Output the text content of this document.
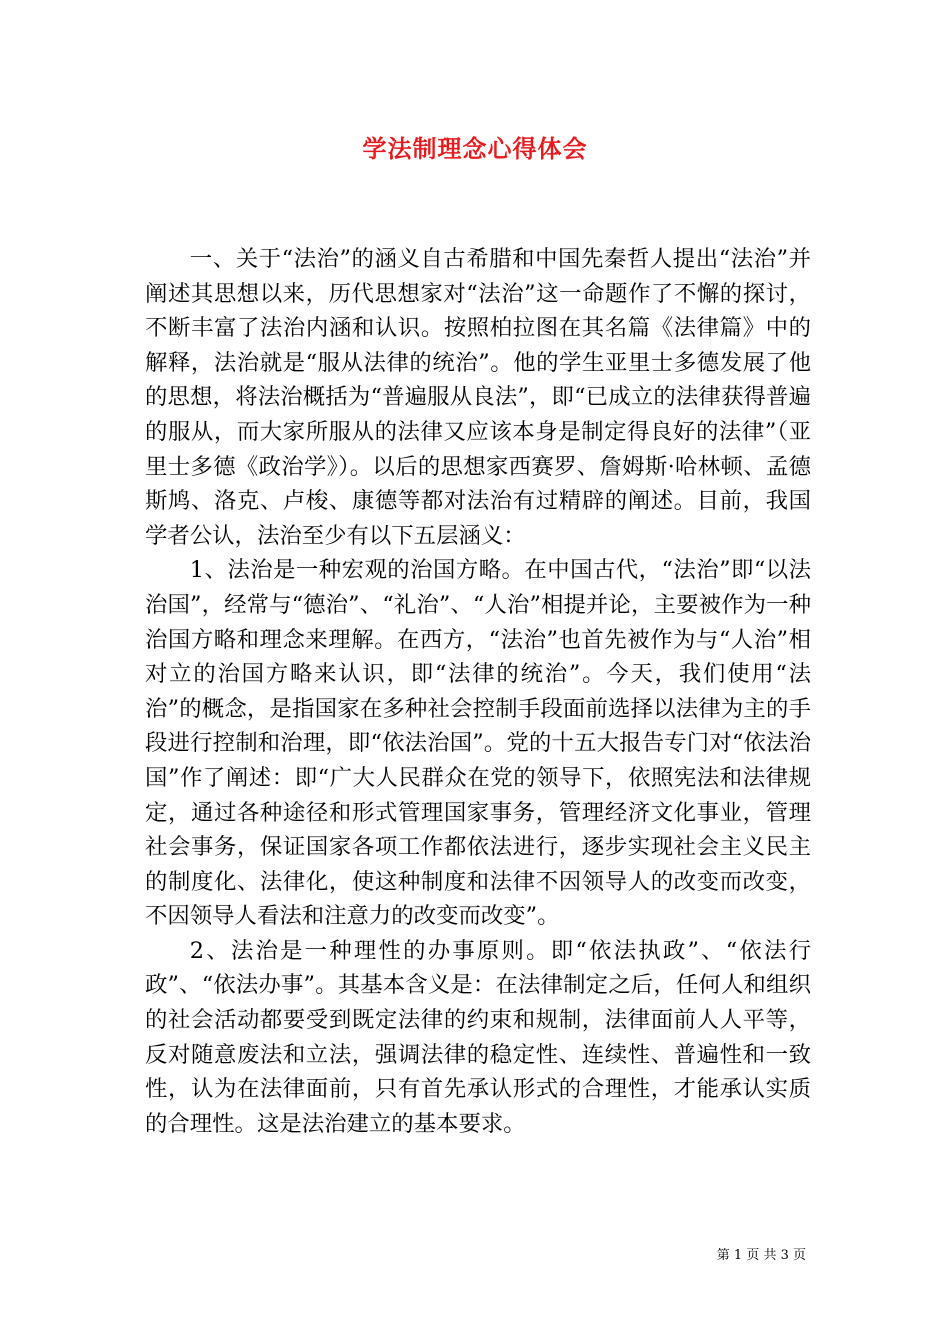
学法制理念心得体会

一、关于“法治”的涵义自古希腊和中国先秦哲人提出“法治”并阐述其思想以来，历代思想家对“法治”这一命题作了不懈的探讨，不断丰富了法治内涵和认识。按照柏拉图在其名篇《法律篇》中的解释，法治就是“服从法律的统治”。他的学生亚里士多德发展了他的思想，将法治概括为“普遍服从良法”，即“已成立的法律获得普遍的服从，而大家所服从的法律又应该本身是制定得良好的法律”（亚里士多德《政治学》）。以后的思想家西赛罗、詹姆斯·哈林顿、孟德斯鸠、洛克、卢梭、康德等都对法治有过精辟的阐述。目前，我国学者公认，法治至少有以下五层涵义：

1、法治是一种宏观的治国方略。在中国古代，“法治”即“以法治国”，经常与“德治”、“礼治”、“人治”相提并论，主要被作为一种治国方略和理念来理解。在西方，“法治”也首先被作为与“人治”相对立的治国方略来认识，即“法律的统治”。今天，我们使用“法治”的概念，是指国家在多种社会控制手段面前选择以法律为主的手段进行控制和治理，即“依法治国”。党的十五大报告专门对“依法治国”作了阐述：即“广大人民群众在党的领导下，依照宪法和法律规定，通过各种途径和形式管理国家事务，管理经济文化事业，管理社会事务，保证国家各项工作都依法进行，逐步实现社会主义民主的制度化、法律化，使这种制度和法律不因领导人的改变而改变，不因领导人看法和注意力的改变而改变”。

2、法治是一种理性的办事原则。即“依法执政”、“依法行政”、“依法办事”。其基本含义是：在法律制定之后，任何人和组织的社会活动都要受到既定法律的约束和规制，法律面前人人平等，反对随意废法和立法，强调法律的稳定性、连续性、普遍性和一致性，认为在法律面前，只有首先承认形式的合理性，才能承认实质的合理性。这是法治建立的基本要求。

第 1 页 共 3 页
